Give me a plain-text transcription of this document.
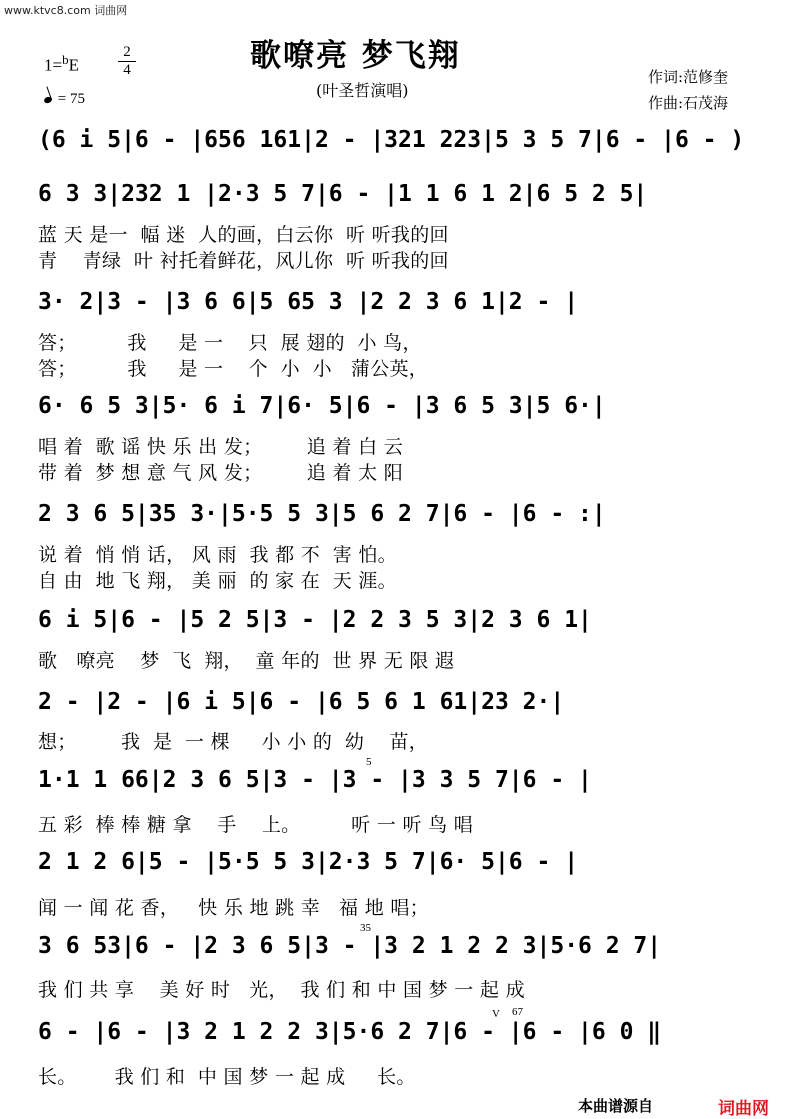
www.ktvc8.com 词曲网
1=$^b$E
2
4
= 75
歌嘹亮 梦飞翔
(叶圣哲演唱)
作词:范修奎
作曲:石茂海
(6 i 5|6 - |656 161|2 - |321 223|5 3 5 7|6 - |6 - )
6 3 3|232 1 |2·3 5 7|6 - |1 1 6 1 2|6 5 2 5|
蓝 天 是一  幅 迷  人的画，白云你  听 听我的回
青    青绿  叶 衬托着鲜花，风儿你  听 听我的回
3· 2|3 - |3 6 6|5 65 3 |2 2 3 6 1|2 - |
答；        我     是 一    只  展 翅的  小 鸟，
答；        我     是 一    个  小  小   蒲公英，
6· 6 5 3|5· 6 i 7|6· 5|6 - |3 6 5 3|5 6·|
唱 着  歌 谣 快 乐 出 发；       追 着 白 云
带 着  梦 想 意 气 风 发；       追 着 太 阳
2 3 6 5|35 3·|5·5 5 3|5 6 2 7|6 - |6 - :|
说 着  悄 悄 话， 风 雨  我 都 不  害 怕。
自 由  地 飞 翔， 美 丽  的 家 在  天 涯。
6 i 5|6 - |5 2 5|3 - |2 2 3 5 3|2 3 6 1|
歌   嘹亮    梦  飞  翔，  童 年的  世 界 无 限 遐
2 - |2 - |6 i 5|6 - |6 5 6 1 61|23 2·|
想；       我  是  一 棵     小 小 的  幼    苗，
1·1 1 66|2 3 6 5|3 - |3 - |3 3 5 7|6 - |
五 彩  棒 棒 糖 拿    手    上。        听 一 听 鸟 唱
2 1 2 6|5 - |5·5 5 3|2·3 5 7|6· 5|6 - |
闻 一 闻 花 香，   快 乐 地 跳 幸   福 地 唱；
3 6 53|6 - |2 3 6 5|3 - |3 2 1 2 2 3|5·6 2 7|
我 们 共 享    美 好 时   光，  我 们 和 中 国 梦 一 起 成
6 - |6 - |3 2 1 2 2 3|5·6 2 7|6 - |6 - |6 0 ‖
长。      我 们 和  中 国 梦 一 起 成     长。
5
35
V 67
本曲谱源自	词曲网
